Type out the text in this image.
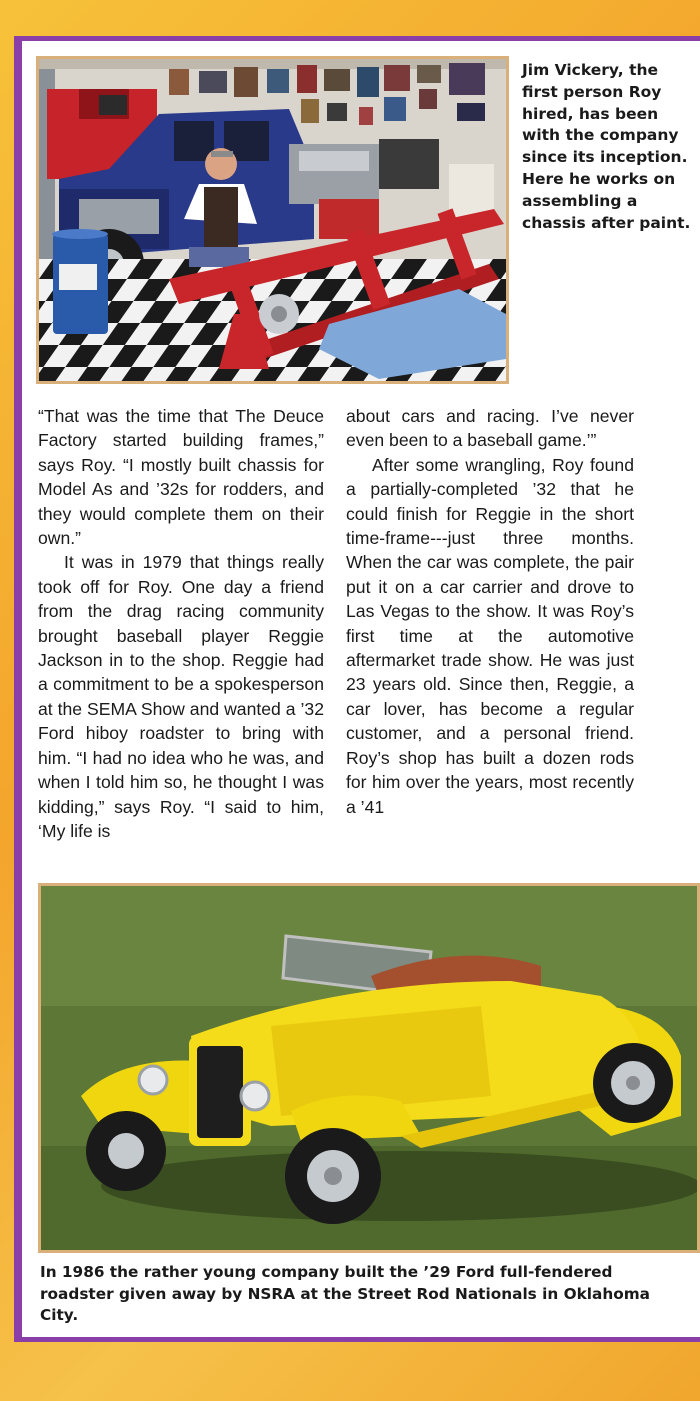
Jim Vickery, the first person Roy hired, has been with the company since its inception. Here he works on assembling a chassis after paint.

“That was the time that The Deuce Factory started building frames,” says Roy. “I mostly built chassis for Model As and ’32s for rodders, and they would complete them on their own.”

It was in 1979 that things really took off for Roy. One day a friend from the drag racing community brought baseball player Reggie Jackson in to the shop. Reggie had a commitment to be a spokesperson at the SEMA Show and wanted a ’32 Ford hiboy roadster to bring with him. “I had no idea who he was, and when I told him so, he thought I was kidding,” says Roy. “I said to him, ‘My life is

about cars and racing. I’ve never even been to a baseball game.’”

After some wrangling, Roy found a partially-completed ’32 that he could finish for Reggie in the short time-frame---just three months. When the car was complete, the pair put it on a car carrier and drove to Las Vegas to the show. It was Roy’s first time at the automotive aftermarket trade show. He was just 23 years old. Since then, Reggie, a car lover, has become a regular customer, and a personal friend. Roy’s shop has built a dozen rods for him over the years, most recently a ’41

In 1986 the rather young company built the ’29 Ford full-fendered roadster given away by NSRA at the Street Rod Nationals in Oklahoma City.
